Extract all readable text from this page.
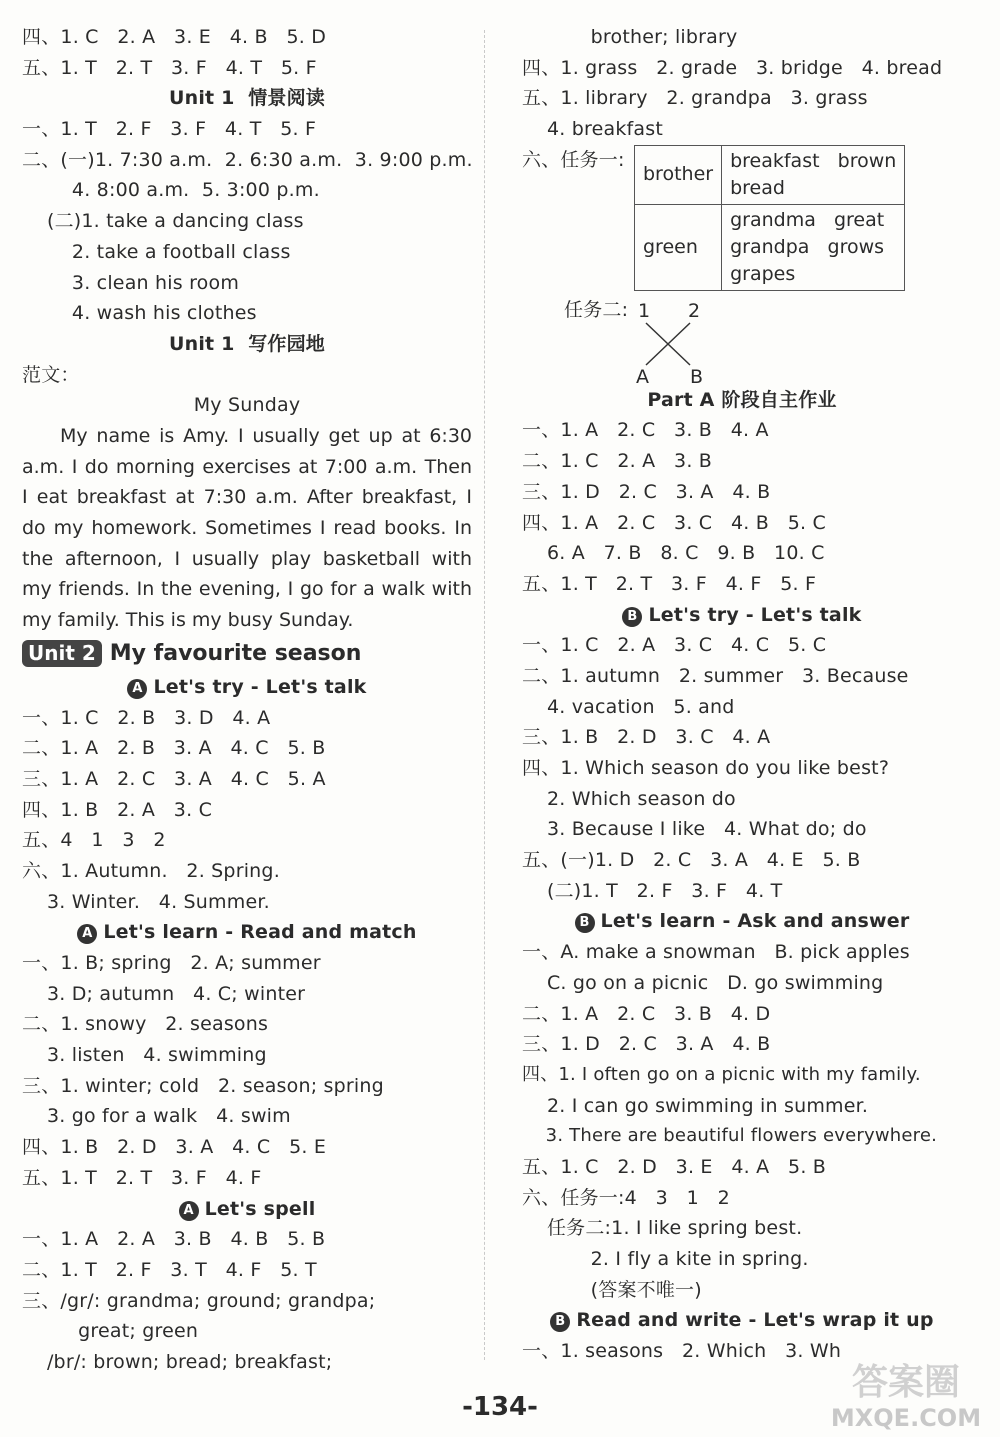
四、1. C   2. A   3. E   4. B   5. D
五、1. T   2. T   3. F   4. T   5. F
Unit 1  情景阅读
一、1. T   2. F   3. F   4. T   5. F
二、(一)1. 7:30 a.m.  2. 6:30 a.m.  3. 9:00 p.m.
4. 8:00 a.m.  5. 3:00 p.m.
(二)1. take a dancing class
2. take a football class
3. clean his room
4. wash his clothes
Unit 1  写作园地
范文：
My Sunday

My name is Amy. I usually get up at 6:30 a.m. I do morning exercises at 7:00 a.m. Then I eat breakfast at 7:30 a.m. After breakfast, I do my homework. Sometimes I read books. In the afternoon, I usually play basketball with my friends. In the evening, I go for a walk with my family. This is my busy Sunday.

Unit 2 My favourite season
A Let's try - Let's talk
一、1. C   2. B   3. D   4. A
二、1. A   2. B   3. A   4. C   5. B
三、1. A   2. C   3. A   4. C   5. A
四、1. B   2. A   3. C
五、4   1   3   2
六、1. Autumn.   2. Spring.
3. Winter.   4. Summer.
A Let's learn - Read and match
一、1. B; spring   2. A; summer
3. D; autumn   4. C; winter
二、1. snowy   2. seasons
3. listen   4. swimming
三、1. winter; cold   2. season; spring
3. go for a walk   4. swim
四、1. B   2. D   3. A   4. C   5. E
五、1. T   2. T   3. F   4. F
A Let's spell
一、1. A   2. A   3. B   4. B   5. B
二、1. T   2. F   3. T   4. F   5. T
三、/gr/: grandma; ground; grandpa;
great; green
/br/: brown; bread; breakfast;
brother; library
四、1. grass   2. grade   3. bridge   4. bread
五、1. library   2. grandpa   3. grass
4. breakfast
六、任务一:
brother	breakfast   brown
bread

green	grandma   great
grandpa   grows
grapes
任务二: 1 2
A B
Part A 阶段自主作业
一、1. A   2. C   3. B   4. A
二、1. C   2. A   3. B
三、1. D   2. C   3. A   4. B
四、1. A   2. C   3. C   4. B   5. C
6. A   7. B   8. C   9. B   10. C
五、1. T   2. T   3. F   4. F   5. F
B Let's try - Let's talk
一、1. C   2. A   3. C   4. C   5. C
二、1. autumn   2. summer   3. Because
4. vacation   5. and
三、1. B   2. D   3. C   4. A
四、1. Which season do you like best?
2. Which season do
3. Because I like   4. What do; do
五、(一)1. D   2. C   3. A   4. E   5. B
(二)1. T   2. F   3. F   4. T
B Let's learn - Ask and answer
一、A. make a snowman   B. pick apples
C. go on a picnic   D. go swimming
二、1. A   2. C   3. B   4. D
三、1. D   2. C   3. A   4. B
四、1. I often go on a picnic with my family.
2. I can go swimming in summer.
3. There are beautiful flowers everywhere.
五、1. C   2. D   3. E   4. A   5. B
六、任务一:4   3   1   2
任务二:1. I like spring best.
2. I fly a kite in spring.
(答案不唯一)
B Read and write - Let's wrap it up
一、1. seasons   2. Which   3. Wh
-134-
答案圈
MXQE.COM
